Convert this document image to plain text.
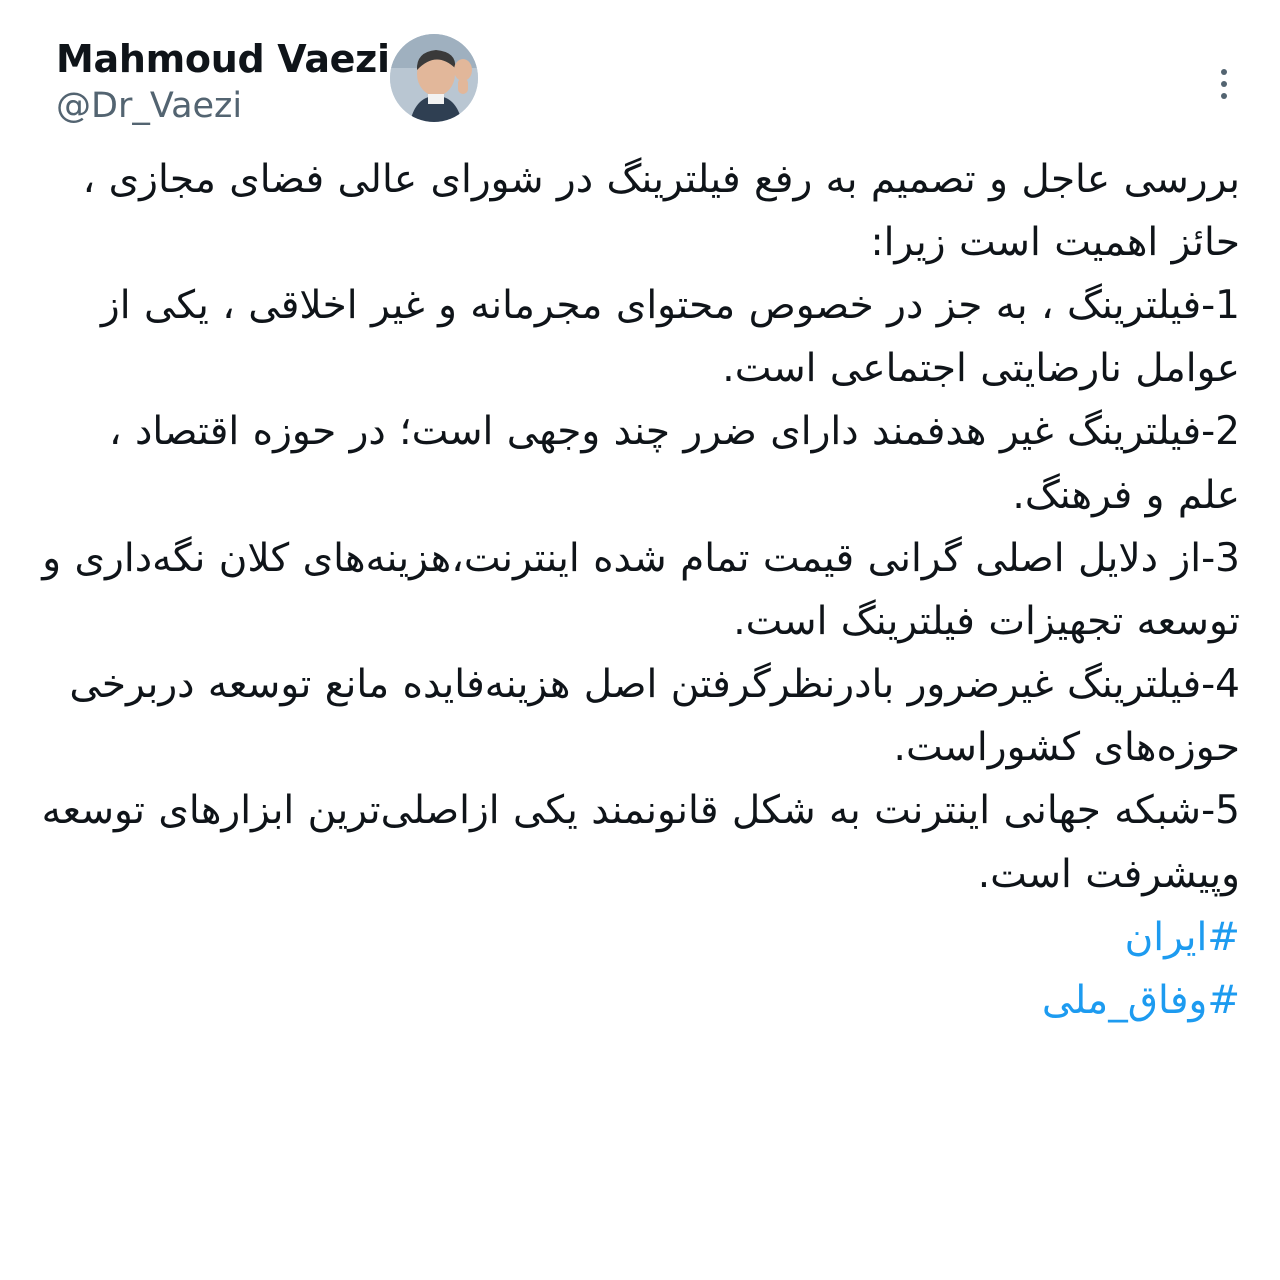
Mahmoud Vaezi
@Dr_Vaezi

بررسی عاجل و تصمیم به رفع فیلترینگ در شورای عالی فضای مجازی ، حائز اهمیت است زیرا:

1-فیلترینگ ، به جز در خصوص محتوای مجرمانه و غیر اخلاقی ، یکی از عوامل نارضایتی اجتماعی است.

2-فیلترینگ غیر هدفمند دارای ضرر چند وجهی است؛ در حوزه اقتصاد ، علم و فرهنگ.

3-از دلایل اصلی گرانی قیمت تمام شده اینترنت،هزینه‌های کلان نگه‌داری و توسعه تجهیزات فیلترینگ است.

4-فیلترینگ غیرضرور بادرنظرگرفتن اصل هزینه‌فایده مانع توسعه دربرخی حوزه‌های کشوراست.

5-شبکه جهانی اینترنت به شکل قانونمند یکی ازاصلی‌ترین ابزارهای توسعه وپیشرفت است.

#ایران
#وفاق_ملی
